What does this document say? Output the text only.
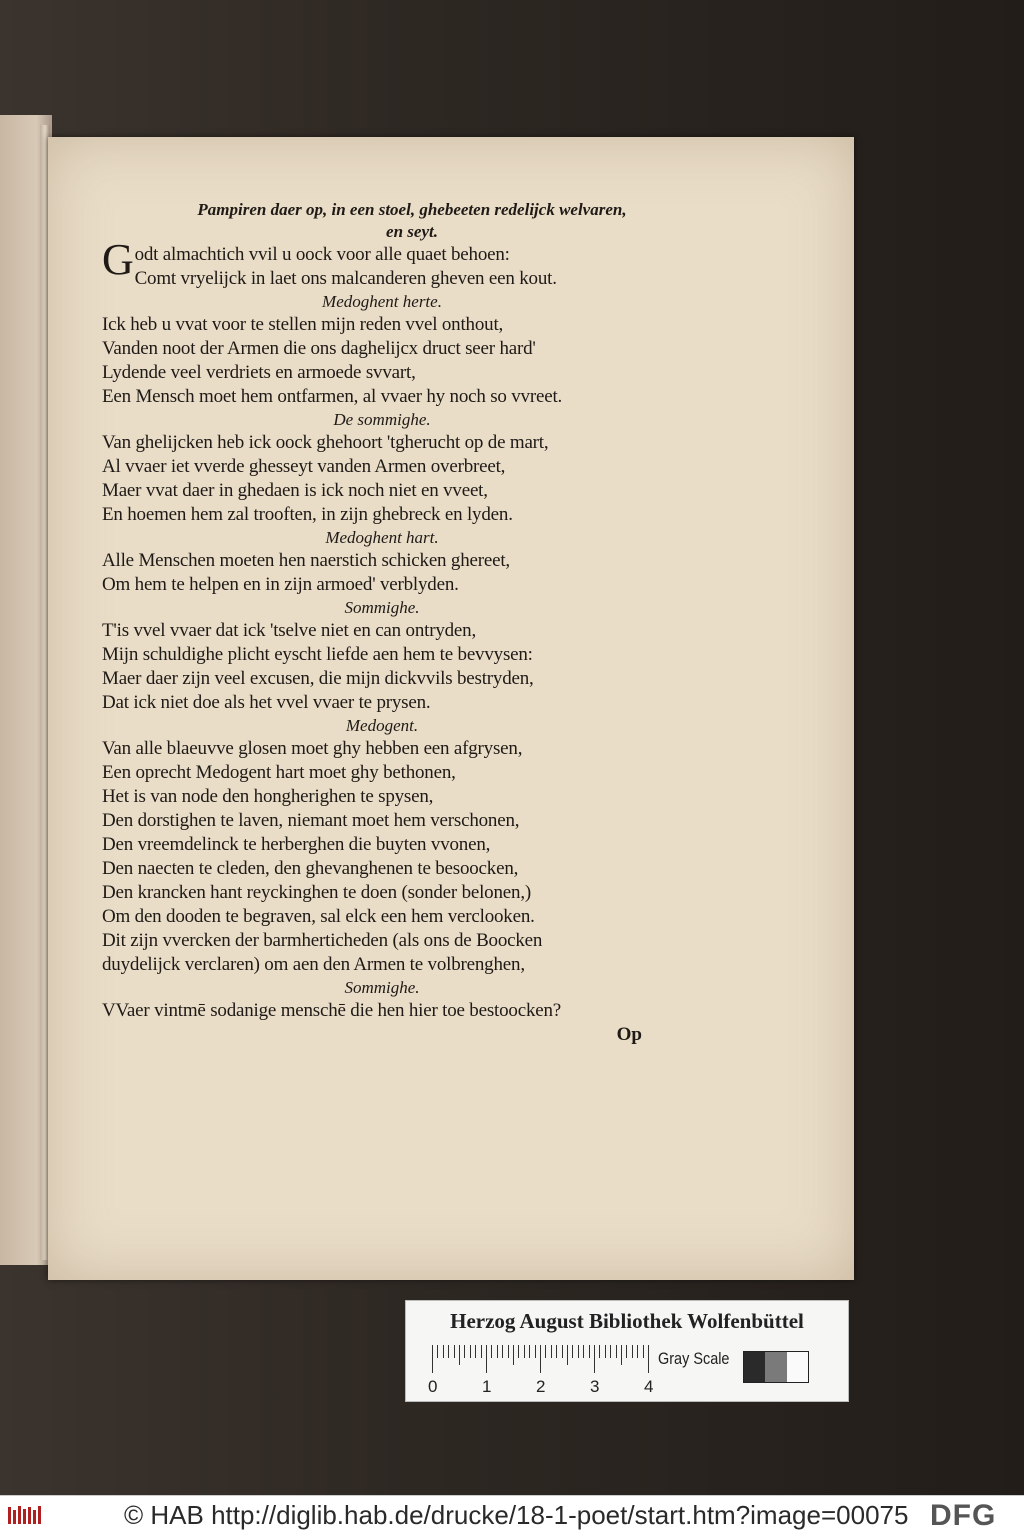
Pampiren daer op, in een stoel, ghebeeten redelijck welvaren,
en seyt.
Godt almachtich vvil u oock voor alle quaet behoen:
Comt vryelijck in laet ons malcanderen gheven een kout.
Medoghent herte.
Ick heb u vvat voor te stellen mijn reden vvel onthout,
Vanden noot der Armen die ons daghelijcx druct seer hard'
Lydende veel verdriets en armoede svvart,
Een Mensch moet hem ontfarmen, al vvaer hy noch so vvreet.
De sommighe.
Van ghelijcken heb ick oock ghehoort 'tgherucht op de mart,
Al vvaer iet vverde ghesseyt vanden Armen overbreet,
Maer vvat daer in ghedaen is ick noch niet en vveet,
En hoemen hem zal trooften, in zijn ghebreck en lyden.
Medoghent hart.
Alle Menschen moeten hen naerstich schicken ghereet,
Om hem te helpen en in zijn armoed' verblyden.
Sommighe.
T'is vvel vvaer dat ick 'tselve niet en can ontryden,
Mijn schuldighe plicht eyscht liefde aen hem te bevvysen:
Maer daer zijn veel excusen, die mijn dickvvils bestryden,
Dat ick niet doe als het vvel vvaer te prysen.
Medogent.
Van alle blaeuvve glosen moet ghy hebben een afgrysen,
Een oprecht Medogent hart moet ghy bethonen,
Het is van node den hongherighen te spysen,
Den dorstighen te laven, niemant moet hem verschonen,
Den vreemdelinck te herberghen die buyten vvonen,
Den naecten te cleden, den ghevanghenen te besoocken,
Den krancken hant reyckinghen te doen (sonder belonen,)
Om den dooden te begraven, sal elck een hem verclooken.
Dit zijn vvercken der barmherticheden (als ons de Boocken
duydelijck verclaren) om aen den Armen te volbrenghen,
Sommighe.
VVaer vintmē sodanige menschē die hen hier toe bestoocken?
Op
Herzog August Bibliothek Wolfenbüttel
0	1	2	3	4
Gray Scale
© HAB http://diglib.hab.de/drucke/18-1-poet/start.htm?image=00075 DFG
